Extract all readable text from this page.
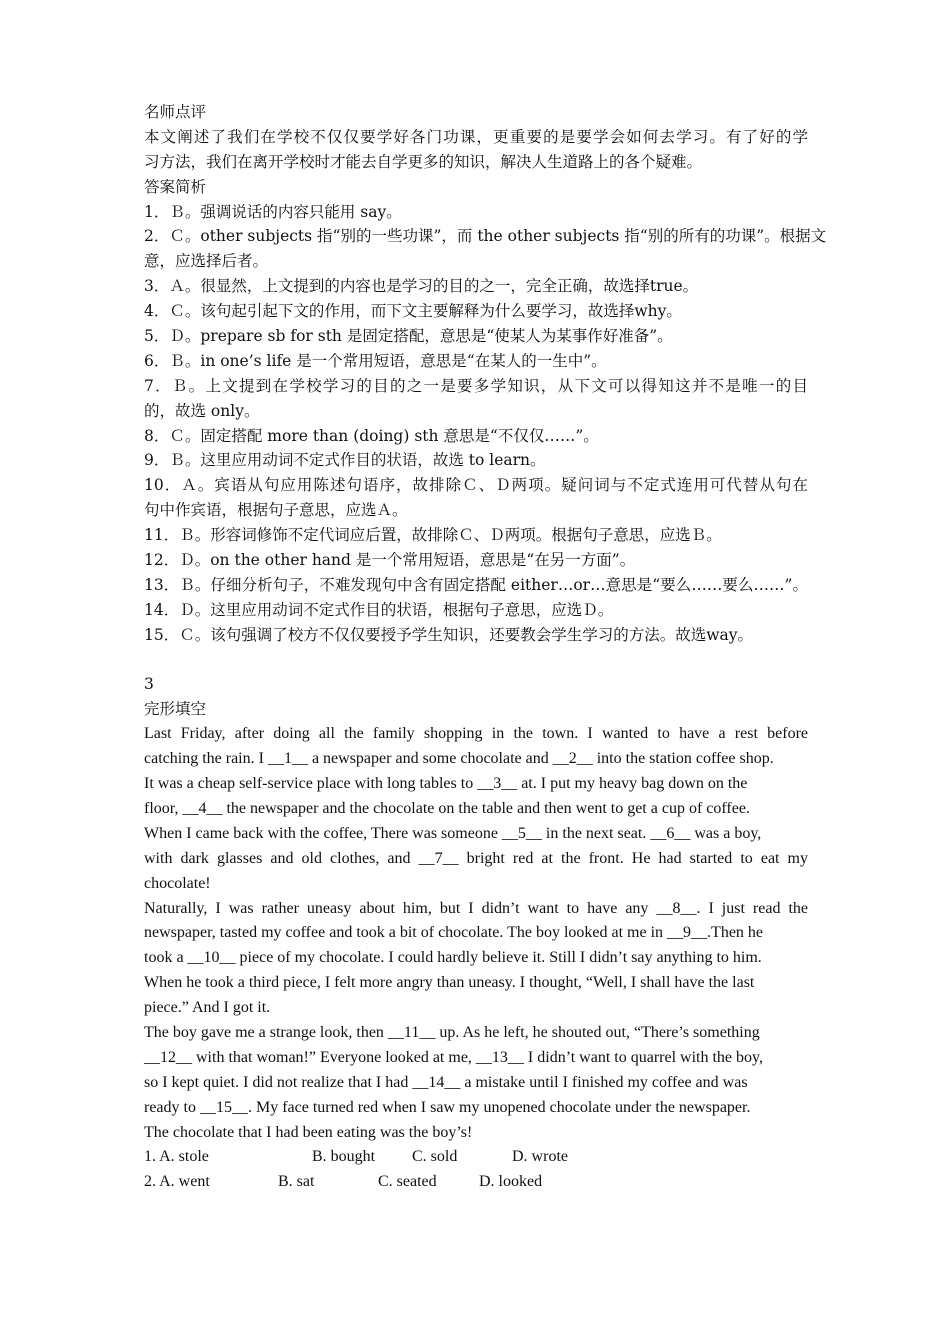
名师点评
本文阐述了我们在学校不仅仅要学好各门功课，更重要的是要学会如何去学习。有了好的学
习方法，我们在离开学校时才能去自学更多的知识，解决人生道路上的各个疑难。
答案简析
1．Ｂ。强调说话的内容只能用 say。
2．Ｃ。other subjects 指“别的一些功课”，而 the other subjects 指“别的所有的功课”。根据文
意，应选择后者。
3．Ａ。很显然，上文提到的内容也是学习的目的之一，完全正确，故选择true。
4．Ｃ。该句起引起下文的作用，而下文主要解释为什么要学习，故选择why。
5．Ｄ。prepare sb for sth 是固定搭配，意思是“使某人为某事作好准备”。
6．Ｂ。in one’s life 是一个常用短语，意思是“在某人的一生中”。
7．Ｂ。上文提到在学校学习的目的之一是要多学知识，从下文可以得知这并不是唯一的目
的，故选 only。
8．Ｃ。固定搭配 more than (doing) sth 意思是“不仅仅……”。
9．Ｂ。这里应用动词不定式作目的状语，故选 to learn。
10．Ａ。宾语从句应用陈述句语序，故排除Ｃ、Ｄ两项。疑问词与不定式连用可代替从句在
句中作宾语，根据句子意思，应选Ａ。
11．Ｂ。形容词修饰不定代词应后置，故排除Ｃ、Ｄ两项。根据句子意思，应选Ｂ。
12．Ｄ。on the other hand 是一个常用短语，意思是“在另一方面”。
13．Ｂ。仔细分析句子，不难发现句中含有固定搭配 either…or…意思是“要么……要么……”。
14．Ｄ。这里应用动词不定式作目的状语，根据句子意思，应选Ｄ。
15．Ｃ。该句强调了校方不仅仅要授予学生知识，还要教会学生学习的方法。故选way。
3
完形填空
Last Friday, after doing all the family shopping in the town. I wanted to have a rest before
catching the rain. I __1__ a newspaper and some chocolate and __2__ into the station coffee shop.
It was a cheap self-service place with long tables to __3__ at. I put my heavy bag down on the
floor, __4__ the newspaper and the chocolate on the table and then went to get a cup of coffee.
When I came back with the coffee, There was someone __5__ in the next seat. __6__ was a boy,
with dark glasses and old clothes, and __7__ bright red at the front. He had started to eat my
chocolate!
Naturally, I was rather uneasy about him, but I didn’t want to have any __8__. I just read the
newspaper, tasted my coffee and took a bit of chocolate. The boy looked at me in __9__.Then he
took a __10__ piece of my chocolate. I could hardly believe it. Still I didn’t say anything to him.
When he took a third piece, I felt more angry than uneasy. I thought, “Well, I shall have the last
piece.” And I got it.
The boy gave me a strange look, then __11__ up. As he left, he shouted out, “There’s something
__12__ with that woman!” Everyone looked at me, __13__ I didn’t want to quarrel with the boy,
so I kept quiet. I did not realize that I had __14__ a mistake until I finished my coffee and was
ready to __15__. My face turned red when I saw my unopened chocolate under the newspaper.
The chocolate that I had been eating was the boy’s!
1. A. stole	B. bought	C. sold	D. wrote
2. A. went	B. sat	C. seated	D. looked
